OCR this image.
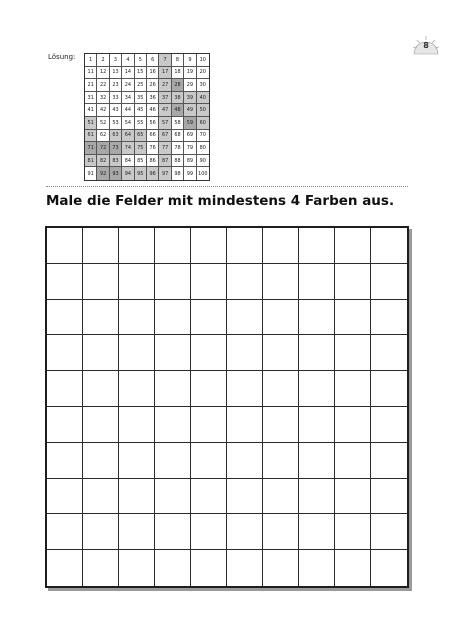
Lösung:	1	2	3	4	5	6	7	8	9	10
11	12	13	14	15	16	17	18	19	20
21	22	23	24	25	26	27	28	29	30
31	32	33	34	35	36	37	38	39	40
41	42	43	44	45	46	47	48	49	50
51	52	53	54	55	56	57	58	59	60
61	62	63	64	65	66	67	68	69	70
71	72	73	74	75	76	77	78	79	80
81	82	83	84	85	86	87	88	89	90
91	92	93	94	95	96	97	98	99 100
8
Male die Felder mit mindestens 4 Farben aus.
